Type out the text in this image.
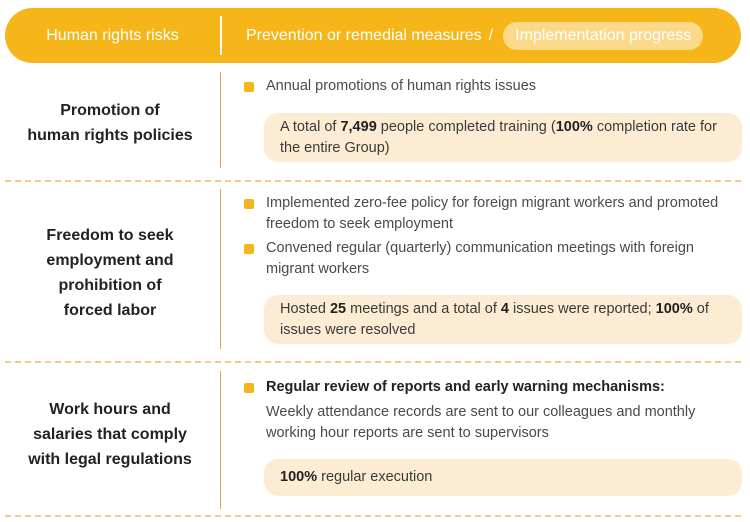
Human rights risks	Prevention or remedial measures /	Implementation progress
Promotion of
human rights policies
Annual promotions of human rights issues
A total of 7,499 people completed training (100% completion rate for the entire Group)
Freedom to seek
employment and
prohibition of
forced labor
Implemented zero-fee policy for foreign migrant workers and promoted freedom to seek employment
Convened regular (quarterly) communication meetings with foreign migrant workers
Hosted 25 meetings and a total of 4 issues were reported; 100% of issues were resolved
Work hours and
salaries that comply
with legal regulations
Regular review of reports and early warning mechanisms:
Weekly attendance records are sent to our colleagues and monthly working hour reports are sent to supervisors
100% regular execution
